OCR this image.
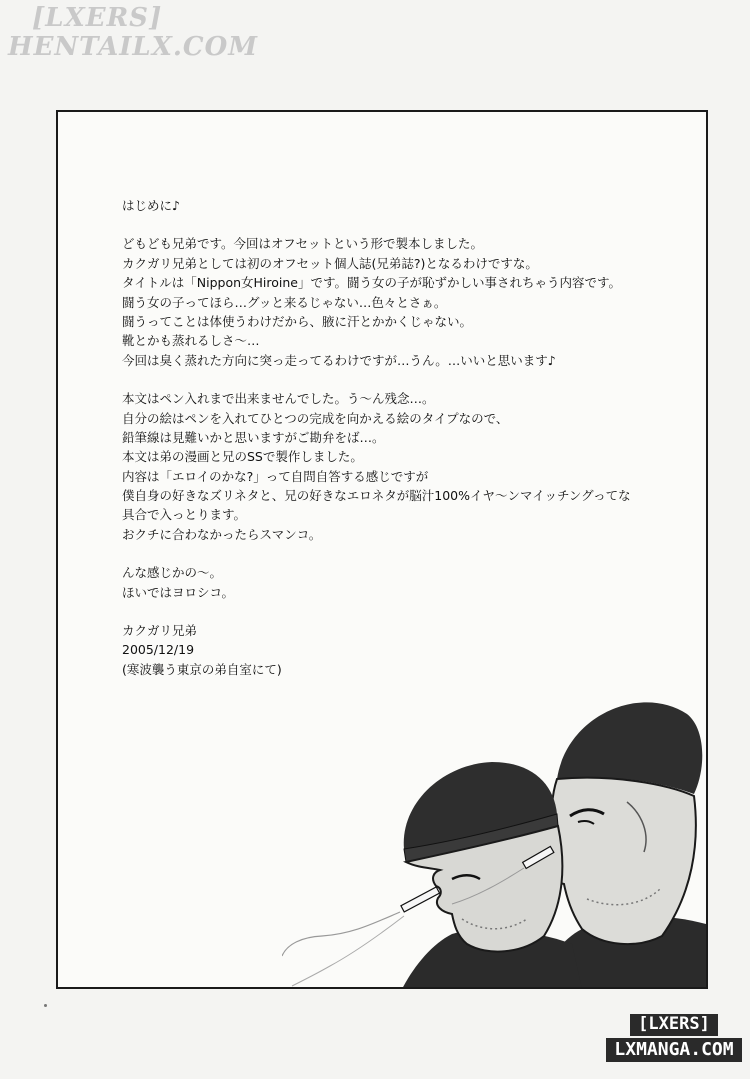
[LXERS]
HENTAILX.COM
はじめに♪
どもども兄弟です。今回はオフセットという形で製本しました。
カクガリ兄弟としては初のオフセット個人誌(兄弟誌?)となるわけですな。
タイトルは「Nippon女Hiroine」です。闘う女の子が恥ずかしい事されちゃう内容です。
闘う女の子ってほら…グッと来るじゃない…色々とさぁ。
闘うってことは体使うわけだから、腋に汗とかかくじゃない。
靴とかも蒸れるしさ～…
今回は臭く蒸れた方向に突っ走ってるわけですが…うん。…いいと思います♪
本文はペン入れまで出来ませんでした。う～ん残念…。
自分の絵はペンを入れてひとつの完成を向かえる絵のタイプなので、
鉛筆線は見難いかと思いますがご勘弁をば…。
本文は弟の漫画と兄のSSで製作しました。
内容は「エロイのかな?」って自問自答する感じですが
僕自身の好きなズリネタと、兄の好きなエロネタが脳汁100%イヤ～ンマイッチングってな
具合で入っとります。
おクチに合わなかったらスマンコ。
んな感じかの～。
ほいではヨロシコ。
カクガリ兄弟
2005/12/19
(寒波襲う東京の弟自室にて)
[LXERS]
LXMANGA.COM
